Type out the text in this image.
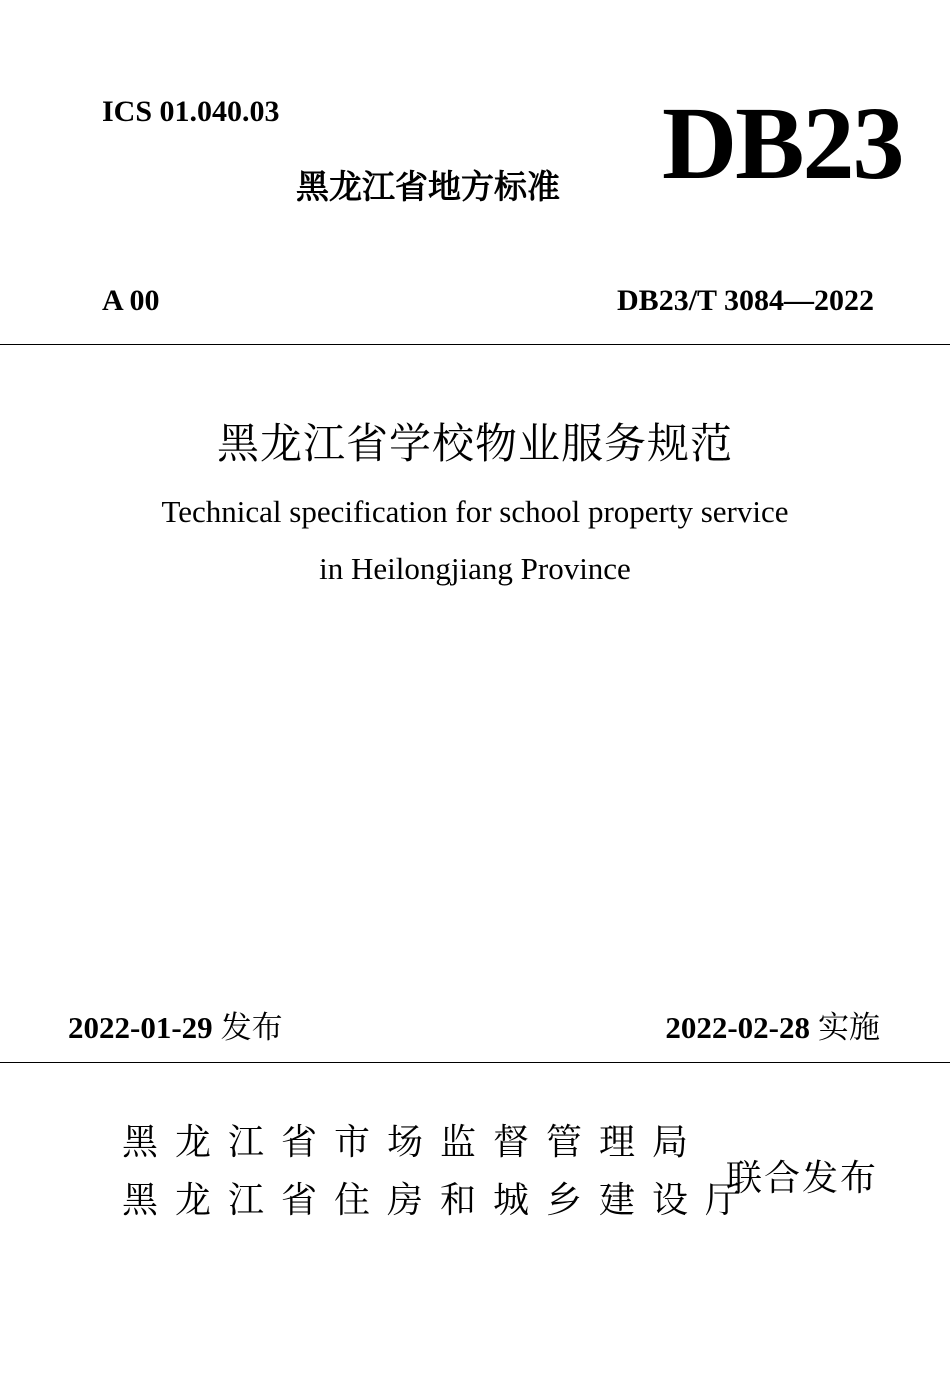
ICS 01.040.03	DB23
黑龙江省地方标准
A 00	DB23/T 3084—2022
黑龙江省学校物业服务规范
Technical specification for school property service
in Heilongjiang Province
2022-01-29 发布	2022-02-28 实施
黑龙江省市场监督管理局
黑龙江省住房和城乡建设厅
联合发布
